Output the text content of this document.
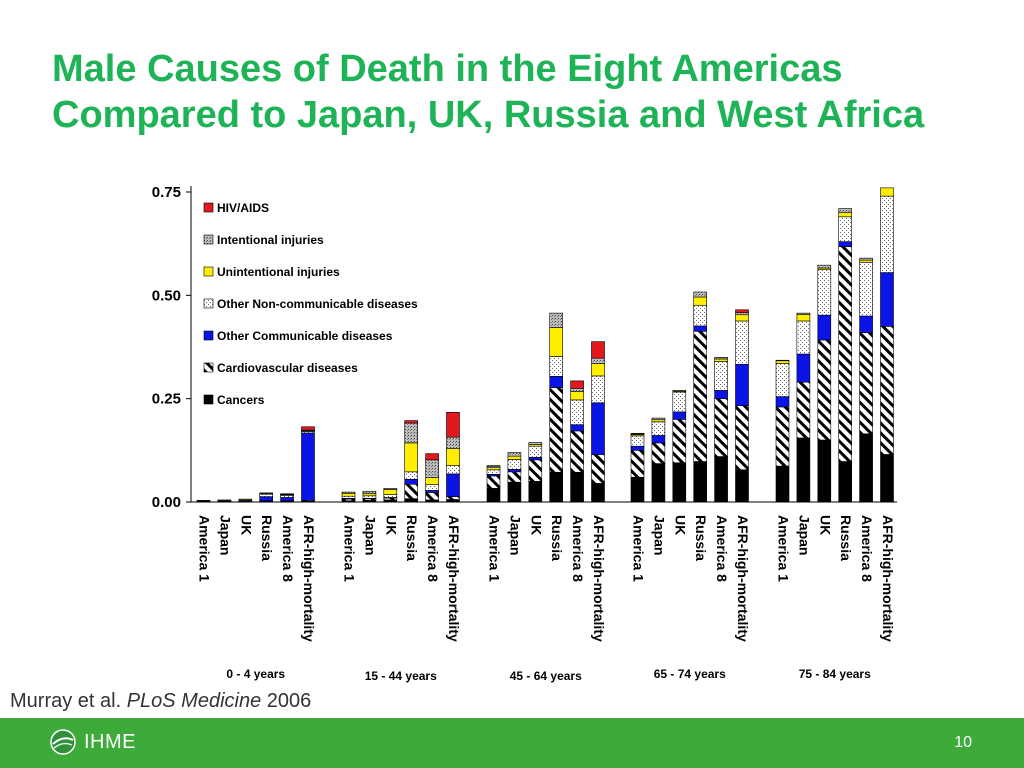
Male Causes of Death in the Eight Americas
Compared to Japan, UK, Russia and West Africa
0.00
0.25
0.50
0.75
America 1 Japan UK Russia America 8 AFR-high-mortality
0 - 4 years
America 1 Japan UK Russia America 8 AFR-high-mortality
15 - 44 years
America 1 Japan UK Russia America 8 AFR-high-mortality
45 - 64 years
America 1 Japan UK Russia America 8 AFR-high-mortality
65 - 74 years
America 1 Japan UK Russia America 8 AFR-high-mortality
75 - 84 years
HIV/AIDS
Intentional injuries
Unintentional injuries
Other Non-communicable diseases
Other Communicable diseases
Cardiovascular diseases
Cancers
Murray et al. PLoS Medicine 2006
IHME	10
